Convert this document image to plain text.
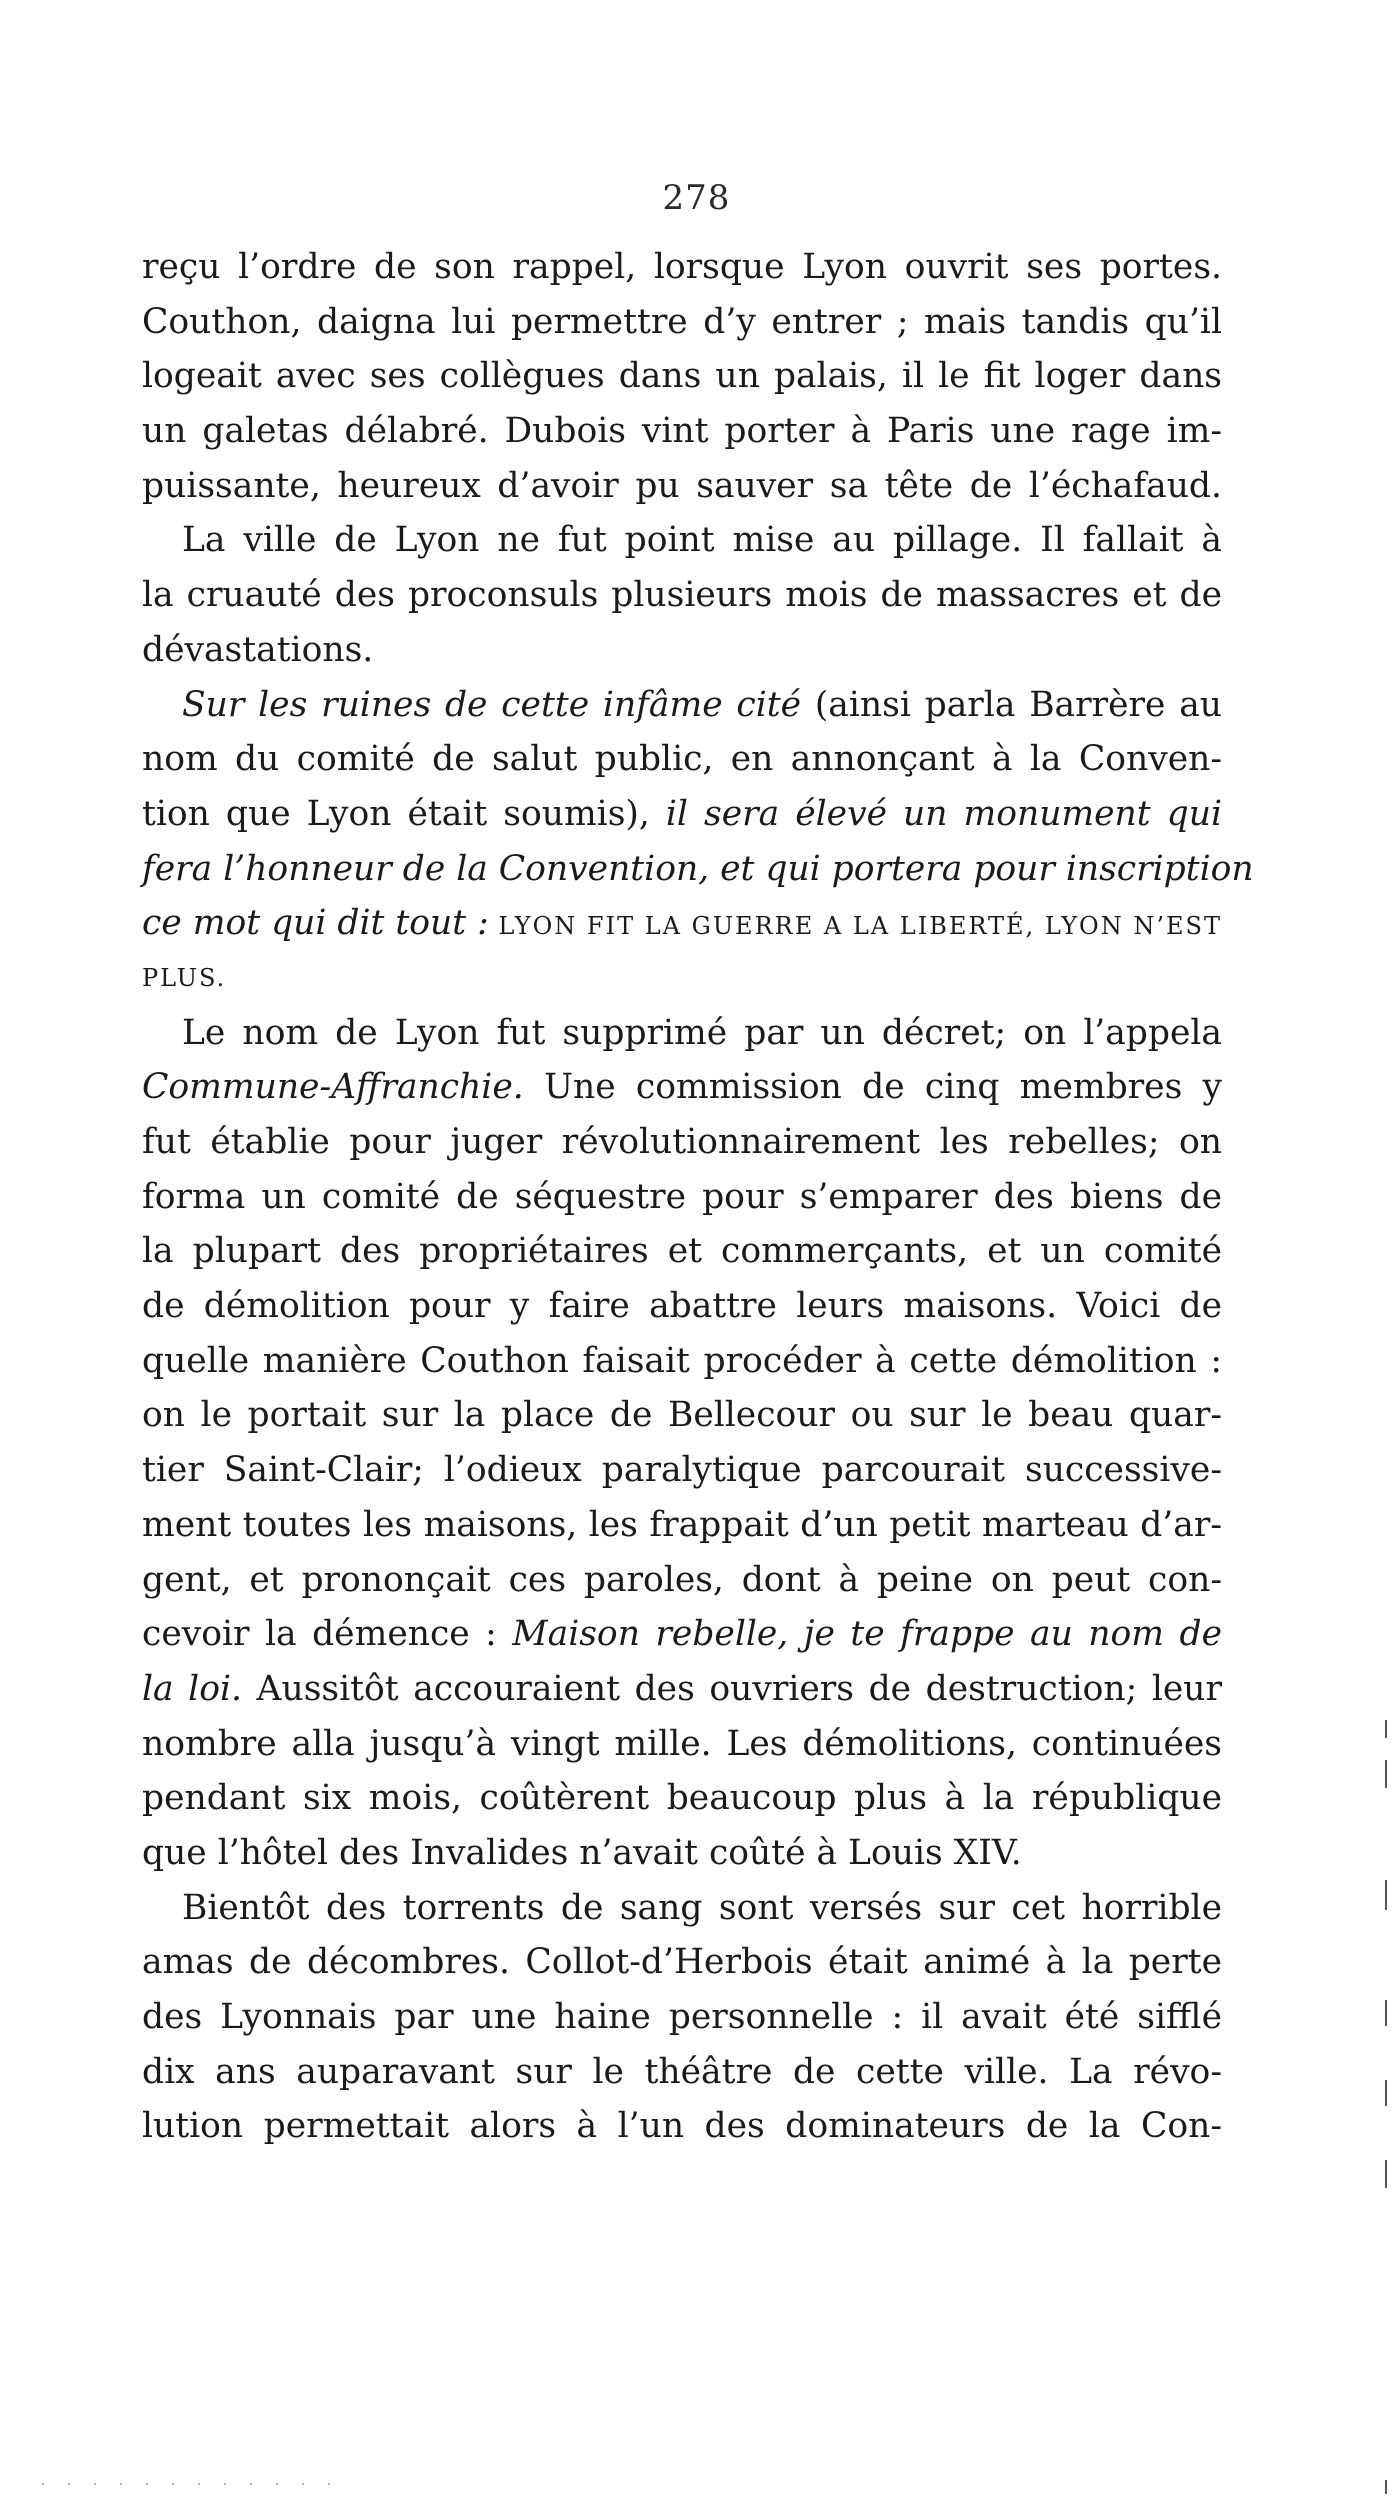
278
reçu l’ordre de son rappel, lorsque Lyon ouvrit ses portes.
Couthon, daigna lui permettre d’y entrer ; mais tandis qu’il
logeait avec ses collègues dans un palais, il le fit loger dans
un galetas délabré. Dubois vint porter à Paris une rage im-
puissante, heureux d’avoir pu sauver sa tête de l’échafaud.
La ville de Lyon ne fut point mise au pillage. Il fallait à
la cruauté des proconsuls plusieurs mois de massacres et de
dévastations.
Sur les ruines de cette infâme cité (ainsi parla Barrère au
nom du comité de salut public, en annonçant à la Conven-
tion que Lyon était soumis), il sera élevé un monument qui
fera l’honneur de la Convention, et qui portera pour inscription
ce mot qui dit tout : LYON FIT LA GUERRE A LA LIBERTÉ, LYON N’EST
PLUS.
Le nom de Lyon fut supprimé par un décret; on l’appela
Commune-Affranchie. Une commission de cinq membres y
fut établie pour juger révolutionnairement les rebelles; on
forma un comité de séquestre pour s’emparer des biens de
la plupart des propriétaires et commerçants, et un comité
de démolition pour y faire abattre leurs maisons. Voici de
quelle manière Couthon faisait procéder à cette démolition :
on le portait sur la place de Bellecour ou sur le beau quar-
tier Saint-Clair; l’odieux paralytique parcourait successive-
ment toutes les maisons, les frappait d’un petit marteau d’ar-
gent, et prononçait ces paroles, dont à peine on peut con-
cevoir la démence : Maison rebelle, je te frappe au nom de
la loi. Aussitôt accouraient des ouvriers de destruction; leur
nombre alla jusqu’à vingt mille. Les démolitions, continuées
pendant six mois, coûtèrent beaucoup plus à la république
que l’hôtel des Invalides n’avait coûté à Louis XIV.
Bientôt des torrents de sang sont versés sur cet horrible
amas de décombres. Collot-d’Herbois était animé à la perte
des Lyonnais par une haine personnelle : il avait été sifflé
dix ans auparavant sur le théâtre de cette ville. La révo-
lution permettait alors à l’un des dominateurs de la Con-
